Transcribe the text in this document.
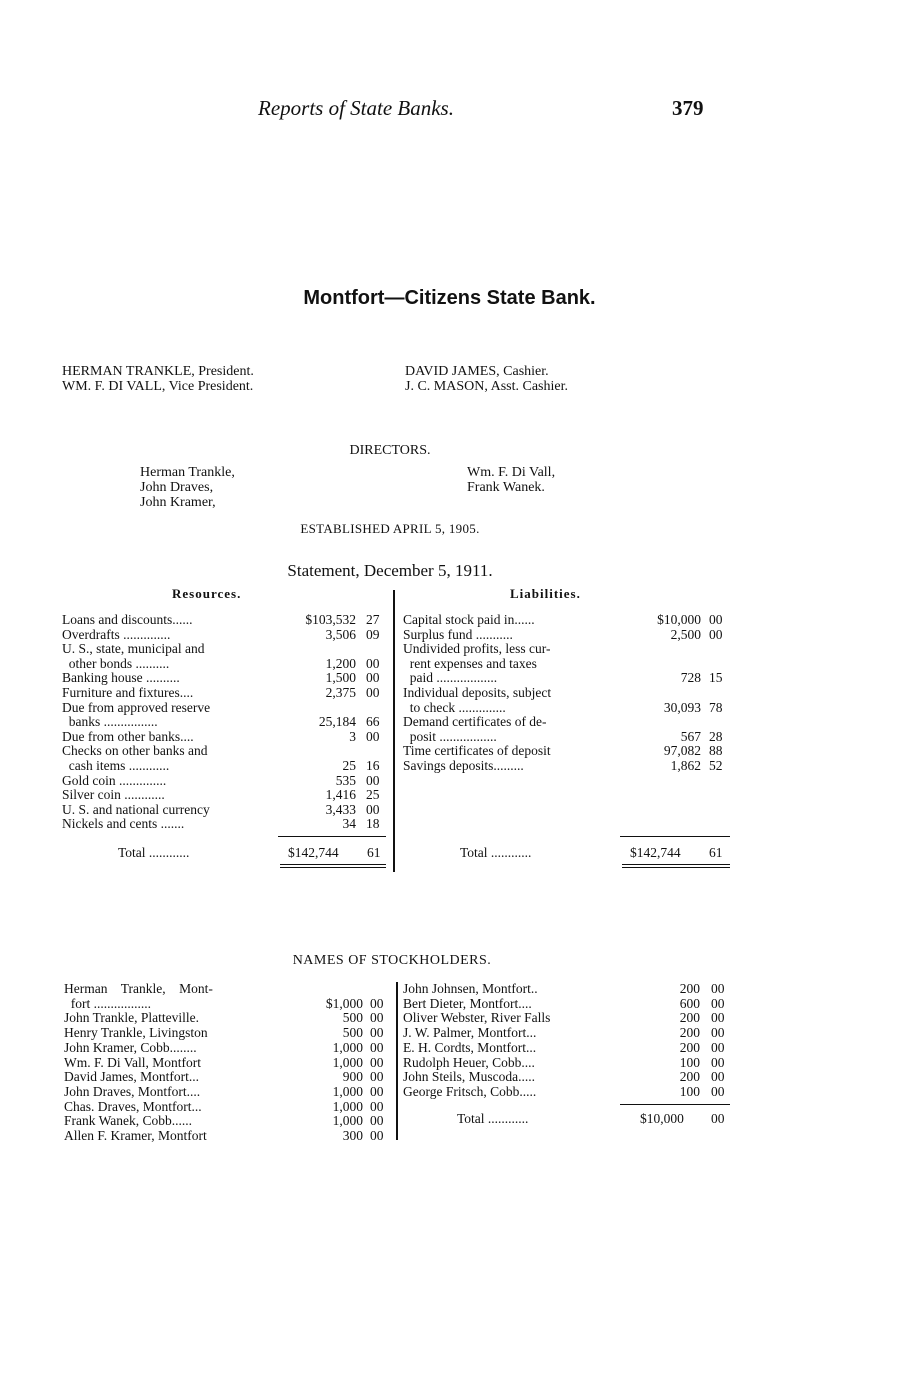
Reports of State Banks.	379
Montfort—Citizens State Bank.
HERMAN TRANKLE, President.
WM. F. DI VALL, Vice President.
DAVID JAMES, Cashier.
J. C. MASON, Asst. Cashier.
DIRECTORS.
Herman Trankle,
John Draves,
John Kramer,
Wm. F. Di Vall,
Frank Wanek.
ESTABLISHED APRIL 5, 1905.
Statement, December 5, 1911.
Resources.	Liabilities.
Loans and discounts......	$103,532 27
Overdrafts ..............	3,506 09
U. S., state, municipal and
other bonds ..........	1,200 00
Banking house ..........	1,500 00
Furniture and fixtures....	2,375 00
Due from approved reserve
banks ................	25,184 66
Due from other banks....	3 00
Checks on other banks and
cash items ............	25 16
Gold coin ..............	535 00
Silver coin ............	1,416 25
U. S. and national currency	3,433 00
Nickels and cents .......	34 18
Capital stock paid in......	$10,000 00
Surplus fund ...........	2,500 00
Undivided profits, less cur-
rent expenses and taxes
paid ..................	728 15
Individual deposits, subject
to check ..............	30,093 78
Demand certificates of de-
posit .................	567 28
Time certificates of deposit	97,082 88
Savings deposits.........	1,862 52
Total ............	$142,744 61	Total ............	$142,744 61
NAMES OF STOCKHOLDERS.
Herman    Trankle,    Mont-
fort .................	$1,000 00
John Trankle, Platteville.	500 00
Henry Trankle, Livingston	500 00
John Kramer, Cobb........	1,000 00
Wm. F. Di Vall, Montfort	1,000 00
David James, Montfort...	900 00
John Draves, Montfort....	1,000 00
Chas. Draves, Montfort...	1,000 00
Frank Wanek, Cobb......	1,000 00
Allen F. Kramer, Montfort	300 00
John Johnsen, Montfort..	200 00
Bert Dieter, Montfort....	600 00
Oliver Webster, River Falls	200 00
J. W. Palmer, Montfort...	200 00
E. H. Cordts, Montfort...	200 00
Rudolph Heuer, Cobb....	100 00
John Steils, Muscoda.....	200 00
George Fritsch, Cobb.....	100 00
Total ............	$10,000 00
